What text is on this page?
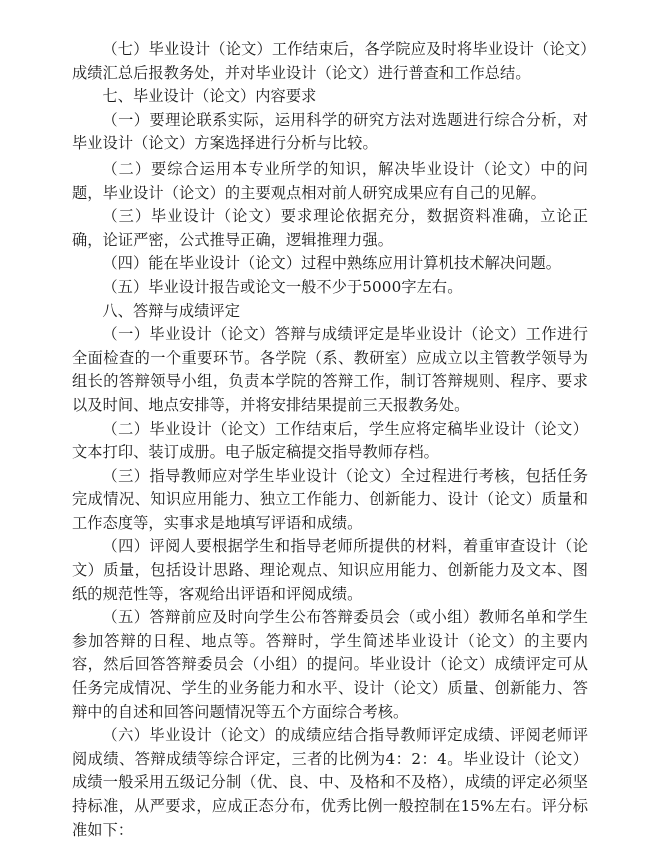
（七）毕业设计（论文）工作结束后，各学院应及时将毕业设计（论文）成绩汇总后报教务处，并对毕业设计（论文）进行普查和工作总结。

七、毕业设计（论文）内容要求

（一）要理论联系实际，运用科学的研究方法对选题进行综合分析，对毕业设计（论文）方案选择进行分析与比较。

（二）要综合运用本专业所学的知识，解决毕业设计（论文）中的问题，毕业设计（论文）的主要观点相对前人研究成果应有自己的见解。

（三）毕业设计（论文）要求理论依据充分，数据资料准确，立论正确，论证严密，公式推导正确，逻辑推理力强。

（四）能在毕业设计（论文）过程中熟练应用计算机技术解决问题。

（五）毕业设计报告或论文一般不少于5000字左右。

八、答辩与成绩评定

（一）毕业设计（论文）答辩与成绩评定是毕业设计（论文）工作进行全面检查的一个重要环节。各学院（系、教研室）应成立以主管教学领导为组长的答辩领导小组，负责本学院的答辩工作，制订答辩规则、程序、要求以及时间、地点安排等，并将安排结果提前三天报教务处。

（二）毕业设计（论文）工作结束后，学生应将定稿毕业设计（论文）文本打印、装订成册。电子版定稿提交指导教师存档。

（三）指导教师应对学生毕业设计（论文）全过程进行考核，包括任务完成情况、知识应用能力、独立工作能力、创新能力、设计（论文）质量和工作态度等，实事求是地填写评语和成绩。

（四）评阅人要根据学生和指导老师所提供的材料，着重审查设计（论文）质量，包括设计思路、理论观点、知识应用能力、创新能力及文本、图纸的规范性等，客观给出评语和评阅成绩。

（五）答辩前应及时向学生公布答辩委员会（或小组）教师名单和学生参加答辩的日程、地点等。答辩时，学生简述毕业设计（论文）的主要内容，然后回答答辩委员会（小组）的提问。毕业设计（论文）成绩评定可从任务完成情况、学生的业务能力和水平、设计（论文）质量、创新能力、答辩中的自述和回答问题情况等五个方面综合考核。

（六）毕业设计（论文）的成绩应结合指导教师评定成绩、评阅老师评阅成绩、答辩成绩等综合评定，三者的比例为4：2：4。毕业设计（论文）成绩一般采用五级记分制（优、良、中、及格和不及格），成绩的评定必须坚持标准，从严要求，应成正态分布，优秀比例一般控制在15%左右。评分标准如下：
